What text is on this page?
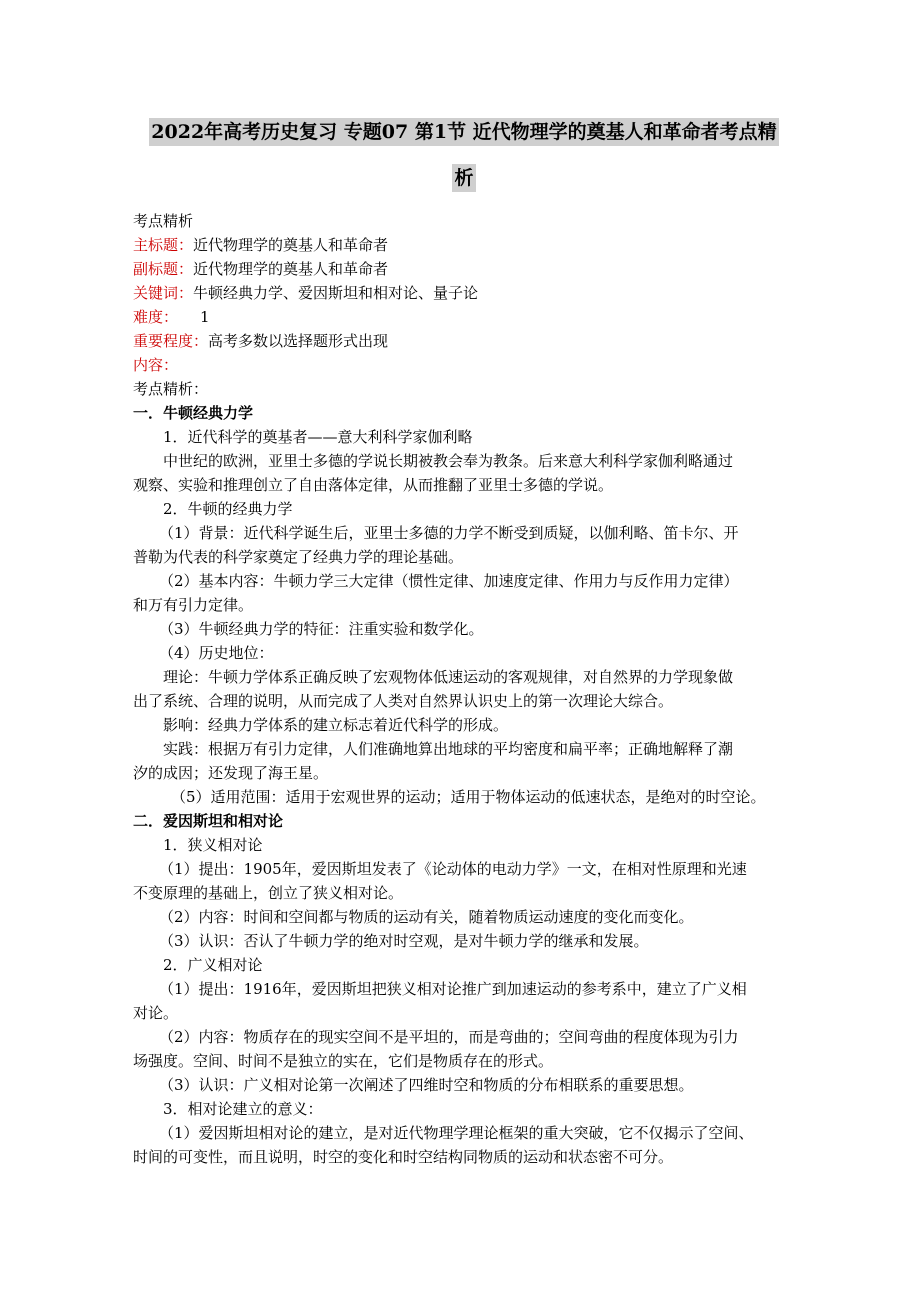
2022年高考历史复习 专题07 第1节 近代物理学的奠基人和革命者考点精
析
考点精析
主标题：近代物理学的奠基人和革命者
副标题：近代物理学的奠基人和革命者
关键词：牛顿经典力学、爱因斯坦和相对论、量子论
难度： 1
重要程度：高考多数以选择题形式出现
内容：
考点精析：
一．牛顿经典力学
1．近代科学的奠基者——意大利科学家伽利略
中世纪的欧洲，亚里士多德的学说长期被教会奉为教条。后来意大利科学家伽利略通过
观察、实验和推理创立了自由落体定律，从而推翻了亚里士多德的学说。
2．牛顿的经典力学
（1）背景：近代科学诞生后，亚里士多德的力学不断受到质疑，以伽利略、笛卡尔、开
普勒为代表的科学家奠定了经典力学的理论基础。
（2）基本内容：牛顿力学三大定律（惯性定律、加速度定律、作用力与反作用力定律）
和万有引力定律。
（3）牛顿经典力学的特征：注重实验和数学化。
（4）历史地位：
理论：牛顿力学体系正确反映了宏观物体低速运动的客观规律，对自然界的力学现象做
出了系统、合理的说明，从而完成了人类对自然界认识史上的第一次理论大综合。
影响：经典力学体系的建立标志着近代科学的形成。
实践：根据万有引力定律，人们准确地算出地球的平均密度和扁平率；正确地解释了潮
汐的成因；还发现了海王星。
（5）适用范围：适用于宏观世界的运动；适用于物体运动的低速状态，是绝对的时空论。
二．爱因斯坦和相对论
1．狭义相对论
（1）提出：1905年，爱因斯坦发表了《论动体的电动力学》一文，在相对性原理和光速
不变原理的基础上，创立了狭义相对论。
（2）内容：时间和空间都与物质的运动有关，随着物质运动速度的变化而变化。
（3）认识：否认了牛顿力学的绝对时空观，是对牛顿力学的继承和发展。
2．广义相对论
（1）提出：1916年，爱因斯坦把狭义相对论推广到加速运动的参考系中，建立了广义相
对论。
（2）内容：物质存在的现实空间不是平坦的，而是弯曲的；空间弯曲的程度体现为引力
场强度。空间、时间不是独立的实在，它们是物质存在的形式。
（3）认识：广义相对论第一次阐述了四维时空和物质的分布相联系的重要思想。
3．相对论建立的意义：
（1）爱因斯坦相对论的建立，是对近代物理学理论框架的重大突破，它不仅揭示了空间、
时间的可变性，而且说明，时空的变化和时空结构同物质的运动和状态密不可分。
